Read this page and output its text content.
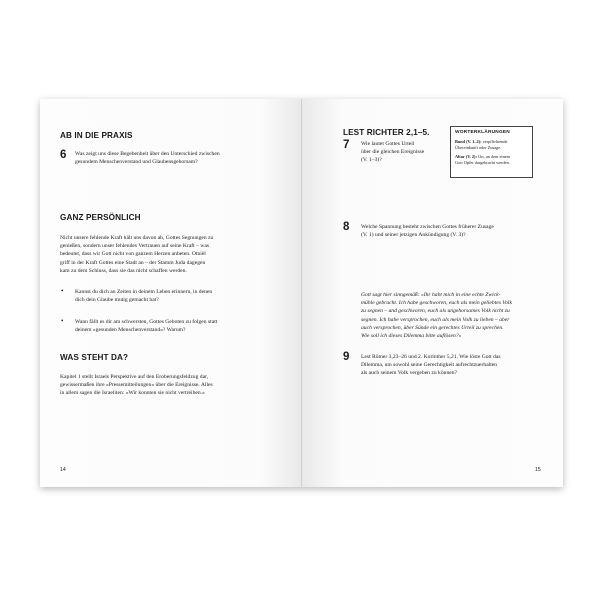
AB IN DIE PRAXIS
6 Was zeigt uns diese Begebenheit über den Unterschied zwischen
gesundem Menschenverstand und Glaubensgehorsam?

GANZ PERSÖNLICH

Nicht unsere fehlende Kraft hält uns davon ab, Gottes Segnungen zu
genießen, sondern unser fehlendes Vertrauen auf seine Kraft – was
bedeutet, dass wir Gott nicht von ganzem Herzen anbeten. Otniël
griff in der Kraft Gottes eine Stadt an – der Stamm Juda dagegen
kam zu dem Schluss, dass sie das nicht schaffen werden.

• Kannst du dich an Zeiten in deinem Leben erinnern, in denen
dich dein Glaube mutig gemacht hat?

• Wann fällt es dir am schwersten, Gottes Geboten zu folgen statt
deinem »gesunden Menschenverstand«? Warum?

WAS STEHT DA?

Kapitel 1 stellt Israels Perspektive auf den Eroberungsfeldzug dar,
gewissermaßen ihre »Pressemitteilungen« über die Ereignisse. Alles
in allem sagen die Israeliten: »Wir konnten sie nicht vertreiben.«

14
LEST RICHTER 2,1–5.
7 Wie lautet Gottes Urteil
über die gleichen Ereignisse
(V. 1–3)?

WORTERKLÄRUNGEN
Bund (V. 1–2): verpflichtende
Übereinkunft oder Zusage.
Altar (V. 2): Ort, an dem einem
Gott Opfer dargebracht werden.
8 Welche Spannung besteht zwischen Gottes früherer Zusage
(V. 1) und seiner jetzigen Ankündigung (V. 3)?

Gott sagt hier sinngemäß: »Ihr habt mich in eine echte Zwick-
mühle gebracht. Ich habe geschworen, euch als mein geliebtes Volk
zu segnen – und geschworen, euch als ungehorsames Volk nicht zu
segnen. Ich habe versprochen, euch als mein Volk zu lieben – aber
auch versprochen, über Sünde ein gerechtes Urteil zu sprechen.
Wie soll ich dieses Dilemma bitte auflösen?«

9 Lest Römer 3,23–26 und 2. Korinther 5,21. Wie löste Gott das
Dilemma, um sowohl seine Gerechtigkeit aufrechtzuerhalten
als auch seinem Volk vergeben zu können?

15
